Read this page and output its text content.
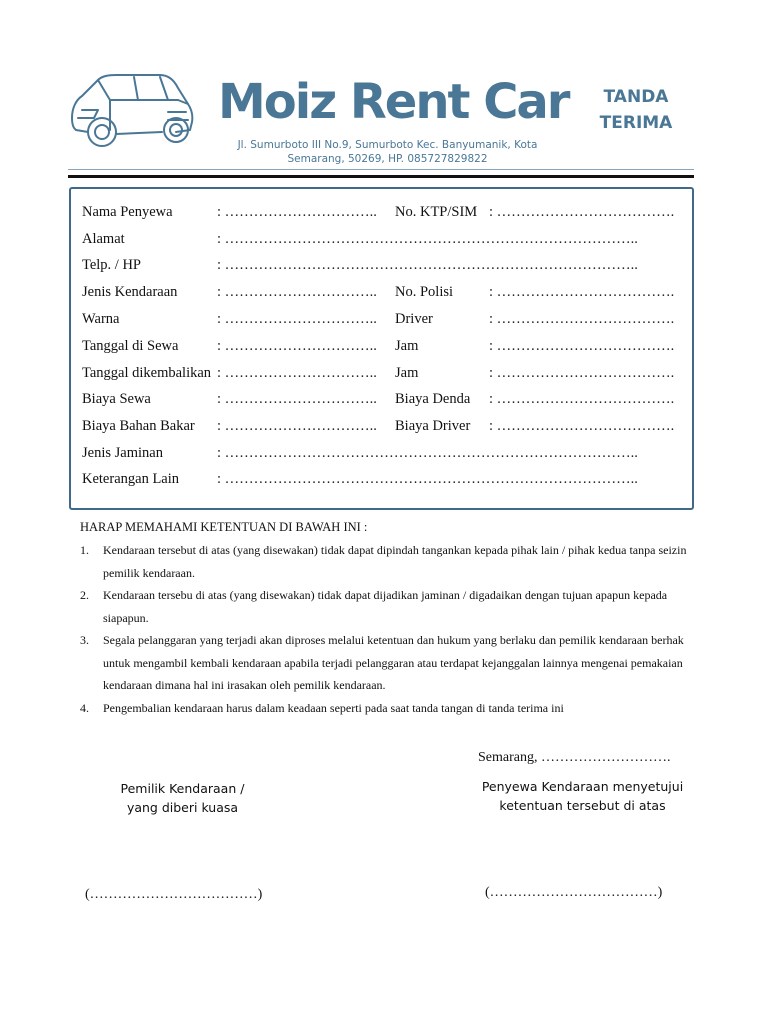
Moiz Rent Car
Jl. Sumurboto III No.9, Sumurboto Kec. Banyumanik, Kota
Semarang, 50269, HP. 085727829822
TANDA
TERIMA
Nama Penyewa	: …………………………..	No. KTP/SIM : ……………………………….
Alamat	: …………………………………………………………………………..
Telp. / HP	: …………………………………………………………………………..
Jenis Kendaraan	: …………………………..	No. Polisi : ……………………………….
Warna	: …………………………..	Driver	: ……………………………….
Tanggal di Sewa	: …………………………..	Jam	: ……………………………….
Tanggal dikembalikan : …………………………..	Jam	: ……………………………….
Biaya Sewa	: …………………………..	Biaya Denda : ……………………………….
Biaya Bahan Bakar : …………………………..	Biaya Driver : ……………………………….
Jenis Jaminan	: …………………………………………………………………………..
Keterangan Lain	: …………………………………………………………………………..
HARAP MEMAHAMI KETENTUAN DI BAWAH INI :
1. Kendaraan tersebut di atas (yang disewakan) tidak dapat dipindah tangankan kepada pihak lain / pihak kedua tanpa seizin pemilik kendaraan.
2. Kendaraan tersebu di atas (yang disewakan) tidak dapat dijadikan jaminan / digadaikan dengan tujuan apapun kepada siapapun.
3. Segala pelanggaran yang terjadi akan diproses melalui ketentuan dan hukum yang berlaku dan pemilik kendaraan berhak untuk mengambil kembali kendaraan apabila terjadi pelanggaran atau terdapat kejanggalan lainnya mengenai pemakaian kendaraan dimana hal ini irasakan oleh pemilik kendaraan.
4. Pengembalian kendaraan harus dalam keadaan seperti pada saat tanda tangan di tanda terima ini
Semarang, ……………………….
Pemilik Kendaraan /
yang diberi kuasa
Penyewa Kendaraan menyetujui
ketentuan tersebut di atas
(………………………………)	(………………………………)
